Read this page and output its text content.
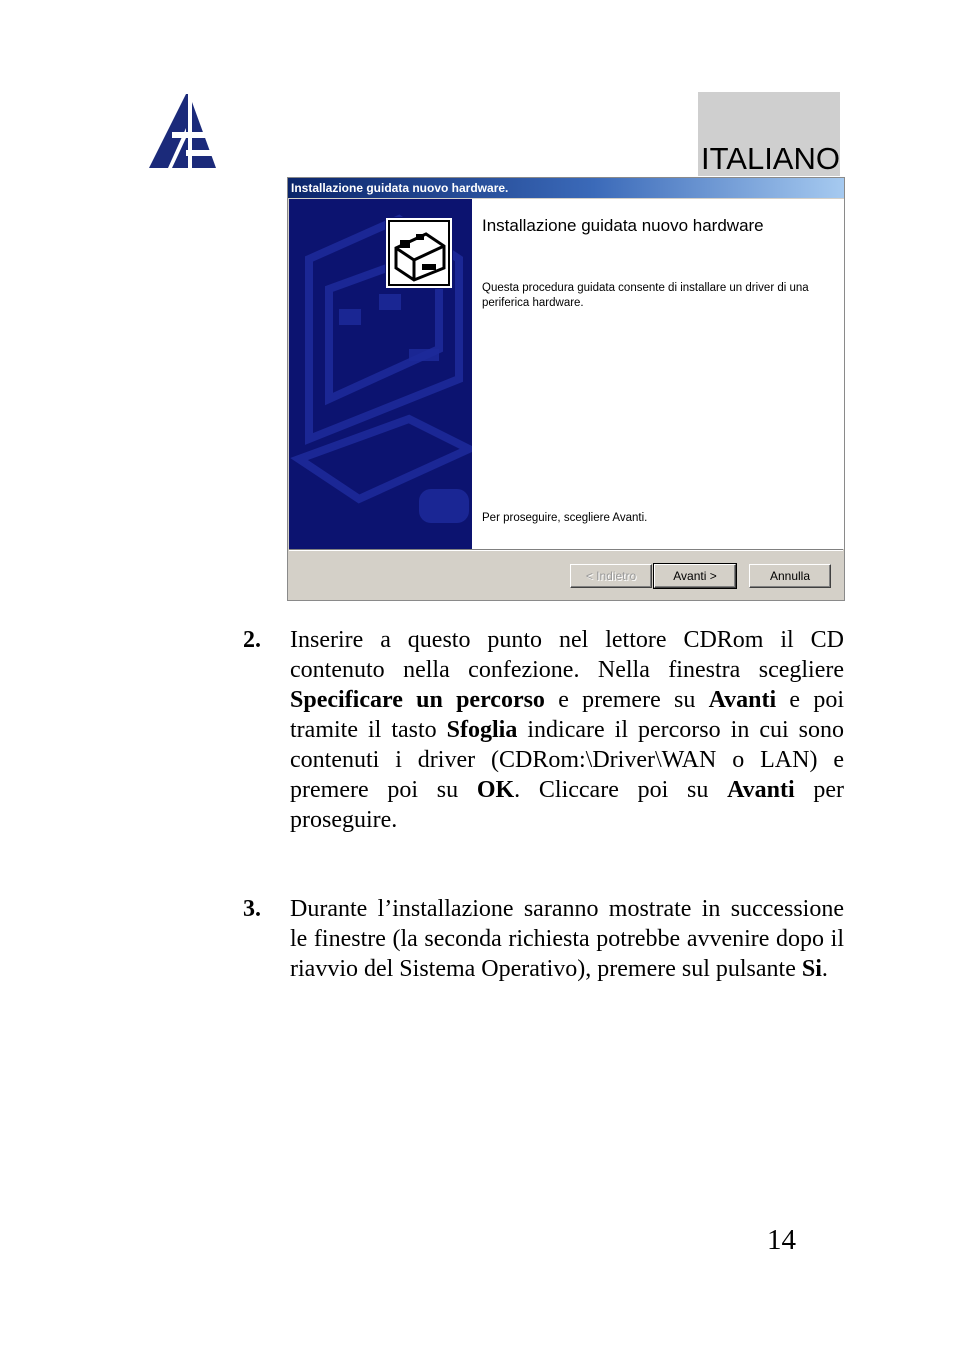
ITALIANO
Installazione guidata nuovo hardware.
Installazione guidata nuovo hardware
Questa procedura guidata consente di installare un driver di una periferica hardware.
Per proseguire, scegliere Avanti.
< Indietro	Avanti >	Annulla
2. Inserire a questo punto nel lettore CDRom il CD contenuto nella confezione. Nella finestra scegliere Specificare un percorso e premere su Avanti e poi tramite il tasto Sfoglia indicare il percorso in cui sono contenuti i driver (CDRom:\Driver\WAN o LAN) e premere poi su OK. Cliccare poi su Avanti per proseguire.
3. Durante l’installazione saranno mostrate in successione le finestre (la seconda richiesta potrebbe avvenire dopo il riavvio del Sistema Operativo), premere sul pulsante Si.
14
